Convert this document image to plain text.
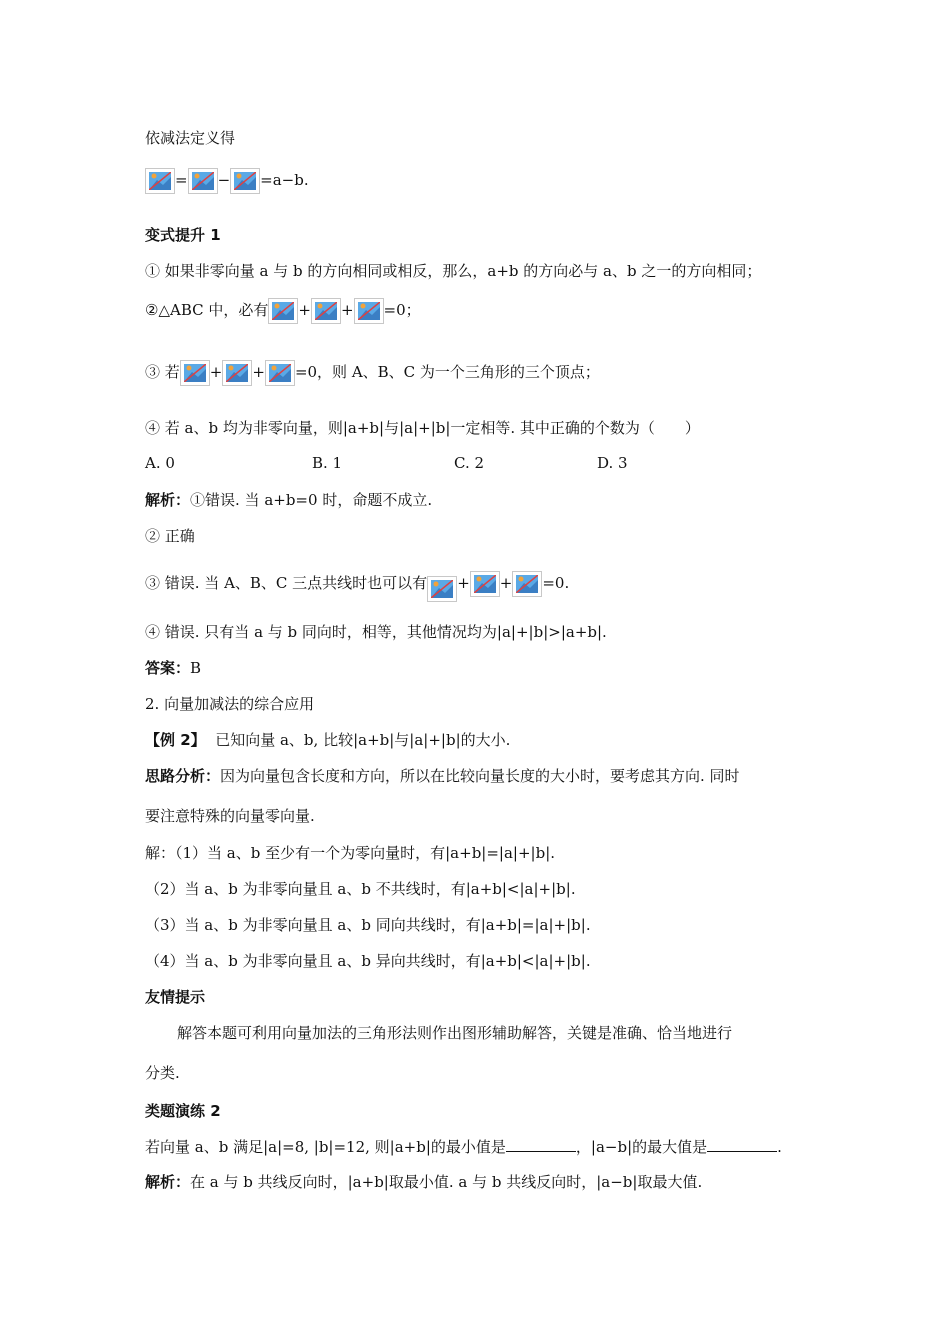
依减法定义得
= − =a−b.
变式提升 1
① 如果非零向量 a 与 b 的方向相同或相反，那么，a+b 的方向必与 a、b 之一的方向相同；
②△ABC 中，必有 + + =0；
③ 若 + + =0，则 A、B、C 为一个三角形的三个顶点；
④ 若 a、b 均为非零向量，则|a+b|与|a|+|b|一定相等. 其中正确的个数为（　　）
A. 0	B. 1	C. 2	D. 3
解析：①错误. 当 a+b=0 时，命题不成立.
② 正确
③ 错误. 当 A、B、C 三点共线时也可以有 + + =0.
④ 错误. 只有当 a 与 b 同向时，相等，其他情况均为|a|+|b|>|a+b|.
答案：B
2. 向量加减法的综合应用
【例 2】 已知向量 a、b, 比较|a+b|与|a|+|b|的大小.
思路分析：因为向量包含长度和方向，所以在比较向量长度的大小时，要考虑其方向. 同时
要注意特殊的向量零向量.
解：（1）当 a、b 至少有一个为零向量时，有|a+b|=|a|+|b|.
（2）当 a、b 为非零向量且 a、b 不共线时，有|a+b|<|a|+|b|.
（3）当 a、b 为非零向量且 a、b 同向共线时，有|a+b|=|a|+|b|.
（4）当 a、b 为非零向量且 a、b 异向共线时，有|a+b|<|a|+|b|.
友情提示
解答本题可利用向量加法的三角形法则作出图形辅助解答，关键是准确、恰当地进行
分类.
类题演练 2
若向量 a、b 满足|a|=8, |b|=12, 则|a+b|的最小值是	，|a−b|的最大值是	.
解析：在 a 与 b 共线反向时，|a+b|取最小值. a 与 b 共线反向时，|a−b|取最大值.
